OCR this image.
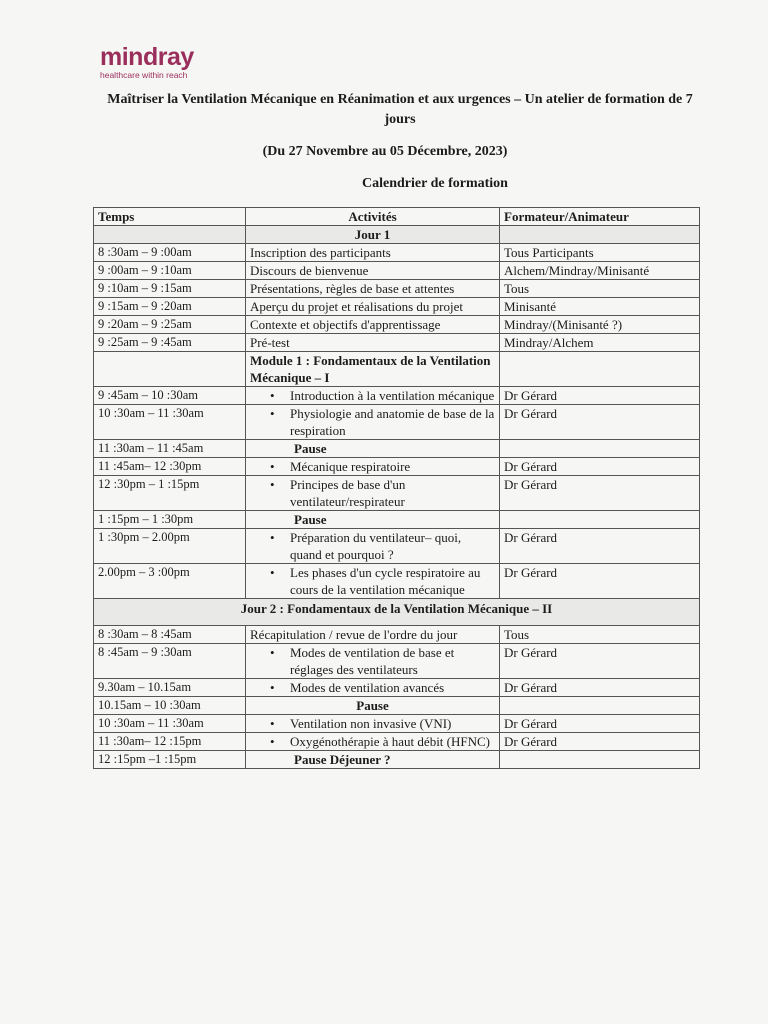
mindray
healthcare within reach
Maîtriser la Ventilation Mécanique en Réanimation et aux urgences – Un atelier de formation de 7 jours
(Du 27 Novembre au 05 Décembre, 2023)
Calendrier de formation
Temps	Activités	Formateur/Animateur
	Jour 1	
8 :30am – 9 :00am	Inscription des participants	Tous Participants
9 :00am – 9 :10am	Discours de bienvenue	Alchem/Mindray/Minisanté
9 :10am – 9 :15am	Présentations, règles de base et attentes	Tous
9 :15am – 9 :20am	Aperçu du projet et réalisations du projet	Minisanté
9 :20am – 9 :25am	Contexte et objectifs d'apprentissage	Mindray/(Minisanté ?)
9 :25am – 9 :45am	Pré-test	Mindray/Alchem
	Module 1 : Fondamentaux de la Ventilation Mécanique – I	
9 :45am – 10 :30am	• Introduction à la ventilation mécanique	Dr Gérard
10 :30am – 11 :30am	• Physiologie and anatomie de base de la respiration	Dr Gérard
11 :30am – 11 :45am	Pause	
11 :45am– 12 :30pm	• Mécanique respiratoire	Dr Gérard
12 :30pm – 1 :15pm	• Principes de base d'un ventilateur/respirateur	Dr Gérard
1 :15pm – 1 :30pm	Pause	
1 :30pm – 2.00pm	• Préparation du ventilateur– quoi, quand et pourquoi ?	Dr Gérard
2.00pm – 3 :00pm	• Les phases d'un cycle respiratoire au cours de la ventilation mécanique	Dr Gérard
Jour 2 : Fondamentaux de la Ventilation Mécanique – II		
8 :30am – 8 :45am	Récapitulation / revue de l'ordre du jour	Tous
8 :45am – 9 :30am	• Modes de ventilation de base et réglages des ventilateurs	Dr Gérard
9.30am – 10.15am	• Modes de ventilation avancés	Dr Gérard
10.15am – 10 :30am	Pause	
10 :30am – 11 :30am	• Ventilation non invasive (VNI)	Dr Gérard
11 :30am– 12 :15pm	• Oxygénothérapie à haut débit (HFNC)	Dr Gérard
12 :15pm –1 :15pm	Pause Déjeuner ?	
